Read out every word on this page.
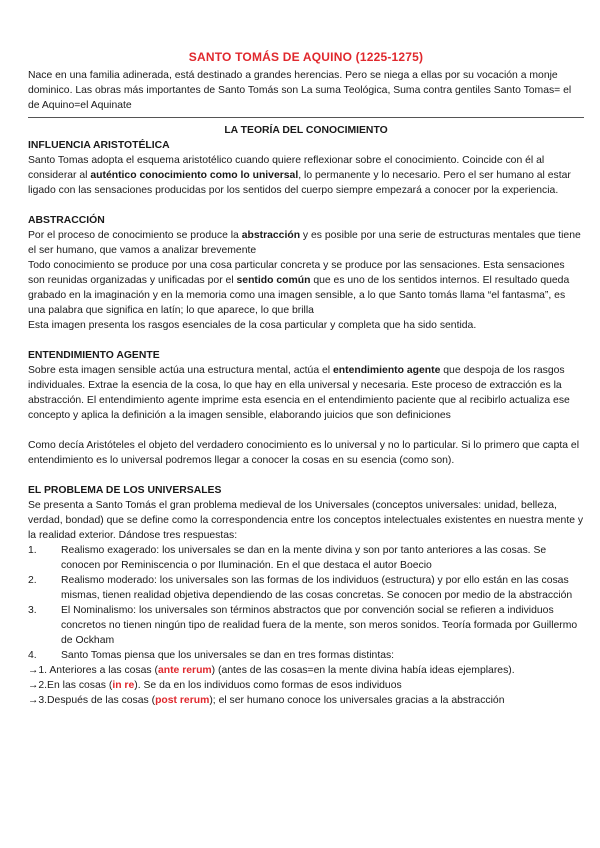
SANTO TOMÁS DE AQUINO (1225-1275)

Nace en una familia adinerada, está destinado a grandes herencias. Pero se niega a ellas por su vocación a monje dominico. Las obras más importantes de Santo Tomás son La suma Teológica, Suma contra gentiles Santo Tomas= el de Aquino=el Aquinate

LA TEORÍA DEL CONOCIMIENTO

INFLUENCIA ARISTOTÉLICA

Santo Tomas adopta el esquema aristotélico cuando quiere reflexionar sobre el conocimiento. Coincide con él al considerar al auténtico conocimiento como lo universal, lo permanente y lo necesario. Pero el ser humano al estar ligado con las sensaciones producidas por los sentidos del cuerpo siempre empezará a conocer por la experiencia.

ABSTRACCIÓN

Por el proceso de conocimiento se produce la abstracción y es posible por una serie de estructuras mentales que tiene el ser humano, que vamos a analizar brevemente

Todo conocimiento se produce por una cosa particular concreta y se produce por las sensaciones. Esta sensaciones son reunidas organizadas y unificadas por el sentido común que es uno de los sentidos internos. El resultado queda grabado en la imaginación y en la memoria como una imagen sensible, a lo que Santo tomás llama “el fantasma”, es una palabra que significa en latín; lo que aparece, lo que brilla

Esta imagen presenta los rasgos esenciales de la cosa particular y completa que ha sido sentida.

ENTENDIMIENTO AGENTE

Sobre esta imagen sensible actúa una estructura mental, actúa el entendimiento agente que despoja de los rasgos individuales. Extrae la esencia de la cosa, lo que hay en ella universal y necesaria. Este proceso de extracción es la abstracción. El entendimiento agente imprime esta esencia en el entendimiento paciente que al recibirlo actualiza ese concepto y aplica la definición a la imagen sensible, elaborando juicios que son definiciones

Como decía Aristóteles el objeto del verdadero conocimiento es lo universal y no lo particular. Si lo primero que capta el entendimiento es lo universal podremos llegar a conocer la cosas en su esencia (como son).

EL PROBLEMA DE LOS UNIVERSALES

Se presenta a Santo Tomás el gran problema medieval de los Universales (conceptos universales: unidad, belleza, verdad, bondad) que se define como la correspondencia entre los conceptos intelectuales existentes en nuestra mente y la realidad exterior. Dándose tres respuestas:

1.	Realismo exagerado: los universales se dan en la mente divina y son por tanto anteriores a las cosas. Se conocen por Reminiscencia o por Iluminación. En el que destaca el autor Boecio
2.	Realismo moderado: los universales son las formas de los individuos (estructura) y por ello están en las cosas mismas, tienen realidad objetiva dependiendo de las cosas concretas. Se conocen por medio de la abstracción
3.	El Nominalismo: los universales son términos abstractos que por convención social se refieren a individuos concretos no tienen ningún tipo de realidad fuera de la mente, son meros sonidos. Teoría formada por Guillermo de Ockham
4.	Santo Tomas piensa que los universales se dan en tres formas distintas:

→1. Anteriores a las cosas (ante rerum) (antes de las cosas=en la mente divina había ideas ejemplares).

→2.En las cosas (in re). Se da en los individuos como formas de esos individuos

→3.Después de las cosas (post rerum); el ser humano conoce los universales gracias a la abstracción
